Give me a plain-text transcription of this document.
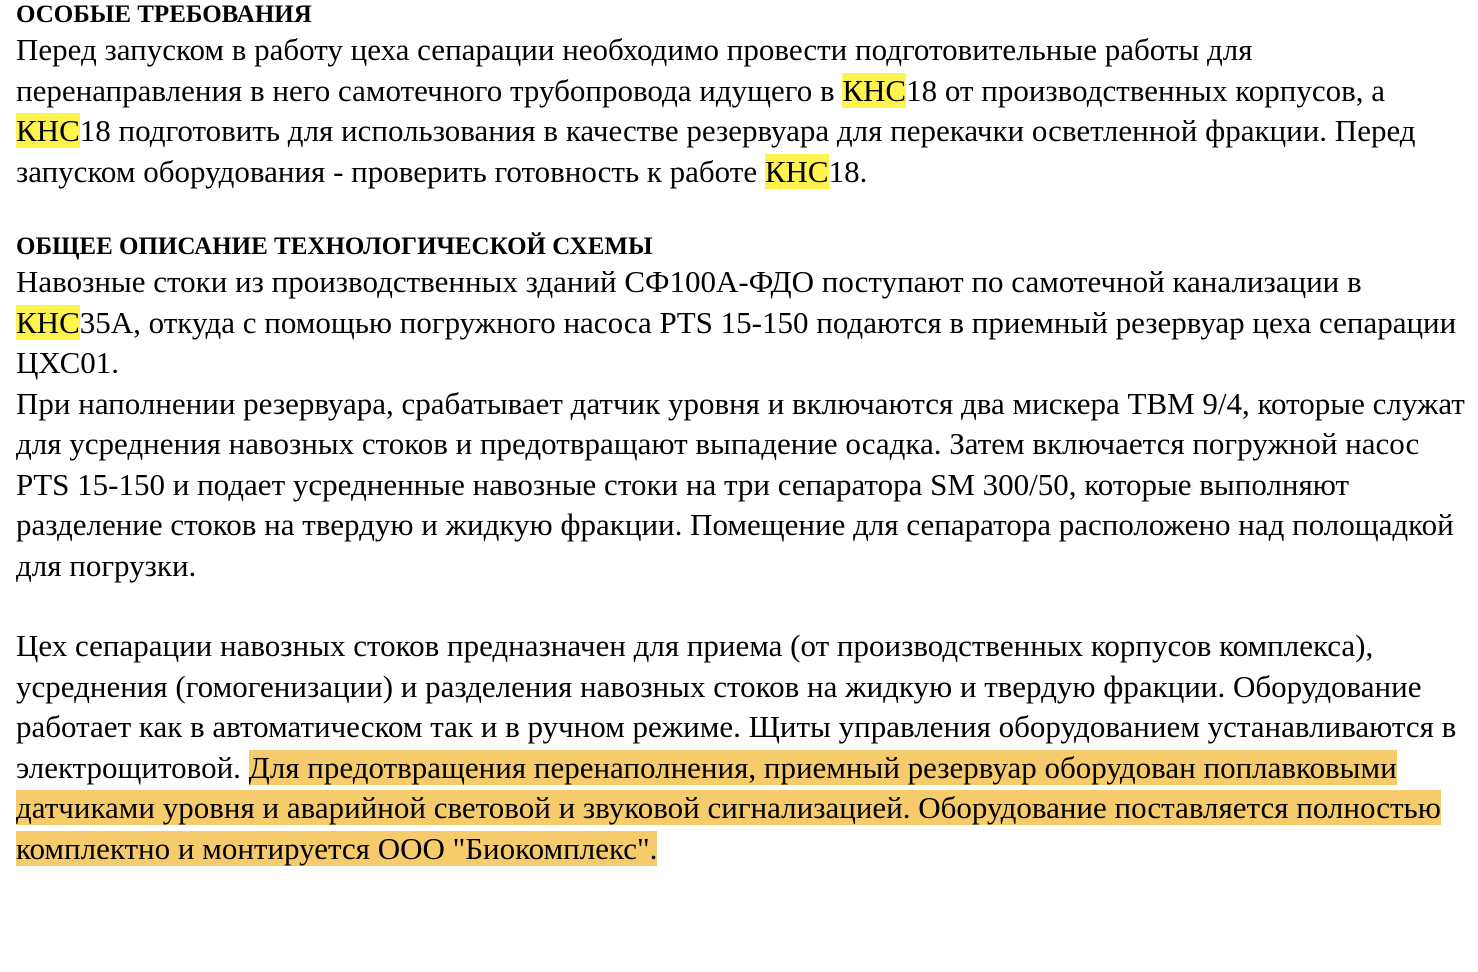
ОСОБЫЕ ТРЕБОВАНИЯ

Перед запуском в работу цеха сепарации необходимо провести подготовительные работы для перенаправления в него самотечного трубопровода идущего в КНС18 от производственных корпусов, а КНС18 подготовить для использования в качестве резервуара для перекачки осветленной фракции. Перед запуском оборудования - проверить готовность к работе КНС18.

ОБЩЕЕ ОПИСАНИЕ ТЕХНОЛОГИЧЕСКОЙ СХЕМЫ

Навозные стоки из производственных зданий СФ100А-ФДО поступают по самотечной канализации в КНС35А, откуда с помощью погружного насоса PTS 15-150 подаются в приемный резервуар цеха сепарации ЦХС01.

При наполнении резервуара, срабатывает датчик уровня и включаются два мискера TBM 9/4, которые служат для усреднения навозных стоков и предотвращают выпадение осадка. Затем включается погружной насос PTS 15-150 и подает усредненные навозные стоки на три сепаратора SM 300/50, которые выполняют разделение стоков на твердую и жидкую фракции. Помещение для сепаратора расположено над полощадкой для погрузки.

Цех сепарации навозных стоков предназначен для приема (от производственных корпусов комплекса), усреднения (гомогенизации) и разделения навозных стоков на жидкую и твердую фракции. Оборудование работает как в автоматическом так и в ручном режиме. Щиты управления оборудованием устанавливаются в электрощитовой. Для предотвращения перенаполнения, приемный резервуар оборудован поплавковыми датчиками уровня и аварийной световой и звуковой сигнализацией. Оборудование поставляется полностью комплектно и монтируется ООО "Биокомплекс".
